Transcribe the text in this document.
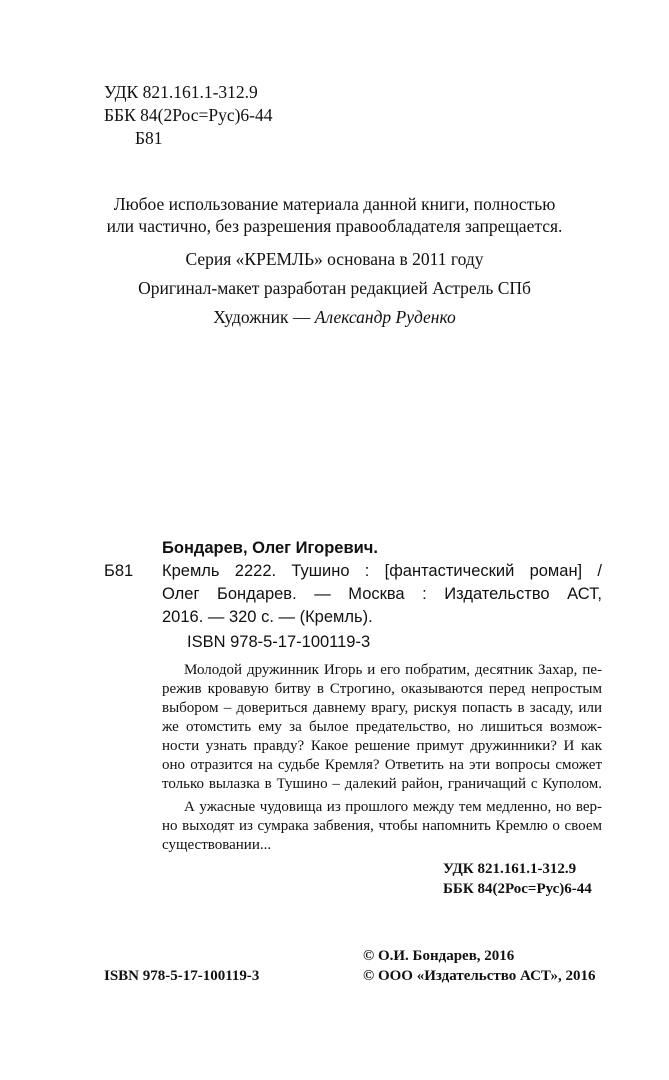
УДК 821.161.1-312.9
ББК 84(2Рос=Рус)6-44
Б81
Любое использование материала данной книги, полностью
или частично, без разрешения правообладателя запрещается.
Серия «КРЕМЛЬ» основана в 2011 году
Оригинал-макет разработан редакцией Астрель СПб
Художник — Александр Руденко
Бондарев, Олег Игоревич.
Б81 Кремль 2222. Тушино : [фантастический роман] /
Олег Бондарев. — Москва : Издательство АСТ,
2016. — 320 с. — (Кремль).
ISBN 978-5-17-100119-3
Молодой дружинник Игорь и его побратим, десятник Захар, пе-
режив кровавую битву в Строгино, оказываются перед непростым
выбором – довериться давнему врагу, рискуя попасть в засаду, или
же отомстить ему за былое предательство, но лишиться возмож-
ности узнать правду? Какое решение примут дружинники? И как
оно отразится на судьбе Кремля? Ответить на эти вопросы сможет
только вылазка в Тушино – далекий район, граничащий с Куполом.
А ужасные чудовища из прошлого между тем медленно, но вер-
но выходят из сумрака забвения, чтобы напомнить Кремлю о своем
существовании...
УДК 821.161.1-312.9
ББК 84(2Рос=Рус)6-44
© О.И. Бондарев, 2016
© ООО «Издательство АСТ», 2016
ISBN 978-5-17-100119-3
